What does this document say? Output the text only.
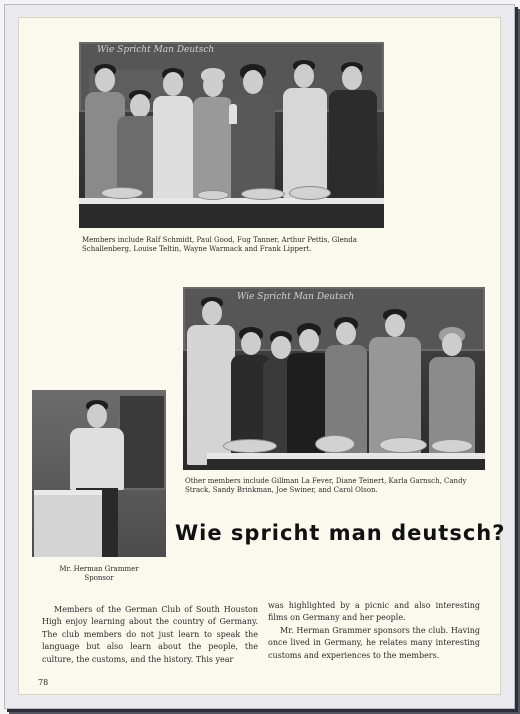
Wie Spricht Man Deutsch
Members include Ralf Schmidt, Paul Good, Fug Tanner, Arthur Pettis, Glenda Schallenberg, Louise Teltin, Wayne Warmack and Frank Lippert.
Wie Spricht Man Deutsch
Other members include Gillman La Fever, Diane Teinert, Karla Garnsch, Candy Strack, Sandy Brinkman, Joe Swiner, and Carol Olson.
Mr. Herman Grammer
Sponsor
Wie spricht man deutsch?

Members of the German Club of South Houston High enjoy learning about the country of Germany. The club members do not just learn to speak the language but also learn about the people, the culture, the customs, and the history. This year

was highlighted by a picnic and also interesting films on Germany and her people.

Mr. Herman Grammer sponsors the club. Having once lived in Germany, he relates many interesting customs and experiences to the members.

78
